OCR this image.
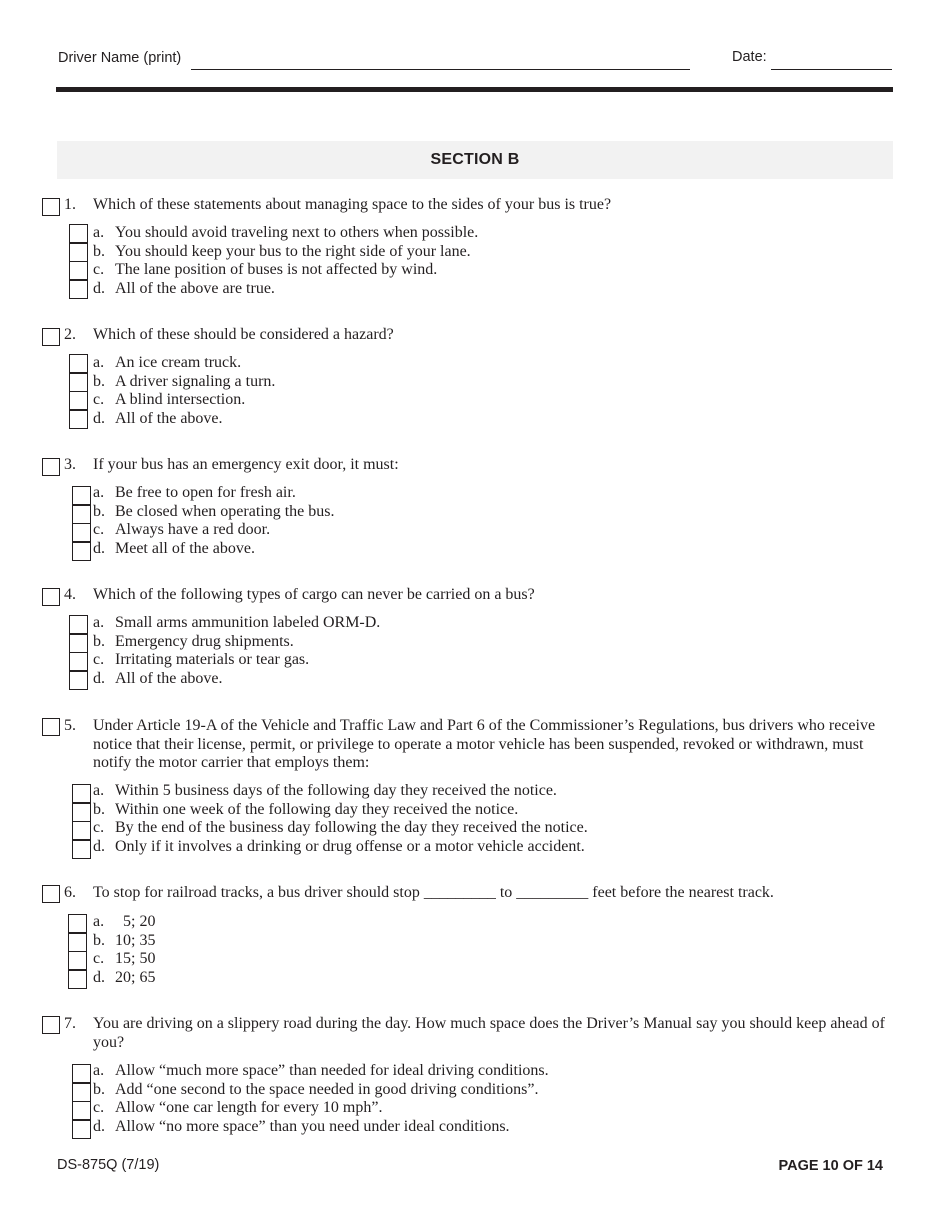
Driver Name (print)	Date:
SECTION B
1. Which of these statements about managing space to the sides of your bus is true?
a. You should avoid traveling next to others when possible.
b. You should keep your bus to the right side of your lane.
c. The lane position of buses is not affected by wind.
d. All of the above are true.
2. Which of these should be considered a hazard?
a. An ice cream truck.
b. A driver signaling a turn.
c. A blind intersection.
d. All of the above.
3. If your bus has an emergency exit door, it must:
a. Be free to open for fresh air.
b. Be closed when operating the bus.
c. Always have a red door.
d. Meet all of the above.
4. Which of the following types of cargo can never be carried on a bus?
a. Small arms ammunition labeled ORM-D.
b. Emergency drug shipments.
c. Irritating materials or tear gas.
d. All of the above.
5. Under Article 19-A of the Vehicle and Traffic Law and Part 6 of the Commissioner’s Regulations, bus drivers who receive notice that their license, permit, or privilege to operate a motor vehicle has been suspended, revoked or withdrawn, must notify the motor carrier that employs them:
a. Within 5 business days of the following day they received the notice.
b. Within one week of the following day they received the notice.
c. By the end of the business day following the day they received the notice.
d. Only if it involves a drinking or drug offense or a motor vehicle accident.
6. To stop for railroad tracks, a bus driver should stop _________ to _________ feet before the nearest track.
a. 5; 20
b. 10; 35
c. 15; 50
d. 20; 65
7. You are driving on a slippery road during the day. How much space does the Driver’s Manual say you should keep ahead of you?
a. Allow “much more space” than needed for ideal driving conditions.
b. Add “one second to the space needed in good driving conditions”.
c. Allow “one car length for every 10 mph”.
d. Allow “no more space” than you need under ideal conditions.
DS-875Q (7/19)	PAGE 10 OF 14
